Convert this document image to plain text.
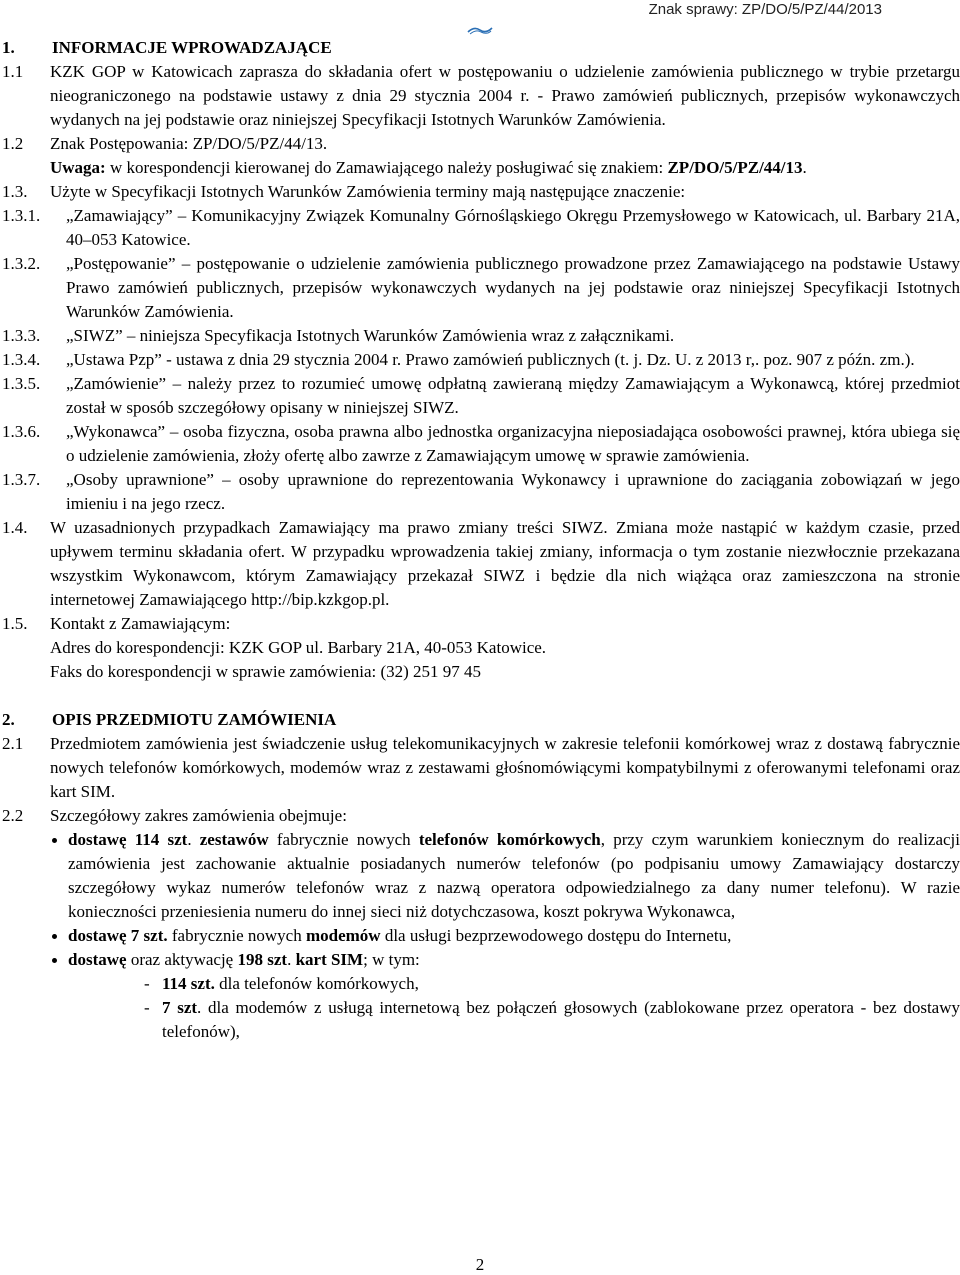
Znak sprawy: ZP/DO/5/PZ/44/2013
1. INFORMACJE WPROWADZAJĄCE
1.1	KZK GOP w Katowicach zaprasza do składania ofert w postępowaniu o udzielenie zamówienia publicznego w trybie przetargu nieograniczonego na podstawie ustawy z dnia 29 stycznia 2004 r. - Prawo zamówień publicznych, przepisów wykonawczych wydanych na jej podstawie oraz niniejszej Specyfikacji Istotnych Warunków Zamówienia.
1.2	Znak Postępowania: ZP/DO/5/PZ/44/13.
Uwaga: w korespondencji kierowanej do Zamawiającego należy posługiwać się znakiem: ZP/DO/5/PZ/44/13.
1.3.	Użyte w Specyfikacji Istotnych Warunków Zamówienia terminy mają następujące znaczenie:
1.3.1.	„Zamawiający” – Komunikacyjny Związek Komunalny Górnośląskiego Okręgu Przemysłowego w Katowicach, ul. Barbary 21A, 40–053 Katowice.
1.3.2.	„Postępowanie” – postępowanie o udzielenie zamówienia publicznego prowadzone przez Zamawiającego na podstawie Ustawy Prawo zamówień publicznych, przepisów wykonawczych wydanych na jej podstawie oraz niniejszej Specyfikacji Istotnych Warunków Zamówienia.
1.3.3.	„SIWZ” – niniejsza Specyfikacja Istotnych Warunków Zamówienia wraz z załącznikami.
1.3.4.	„Ustawa Pzp” - ustawa z dnia 29 stycznia 2004 r. Prawo zamówień publicznych (t. j. Dz. U. z 2013 r,. poz. 907 z późn. zm.).
1.3.5.	„Zamówienie” – należy przez to rozumieć umowę odpłatną zawieraną między Zamawiającym a Wykonawcą, której przedmiot został w sposób szczegółowy opisany w niniejszej SIWZ.
1.3.6.	„Wykonawca” – osoba fizyczna, osoba prawna albo jednostka organizacyjna nieposiadająca osobowości prawnej, która ubiega się o udzielenie zamówienia, złoży ofertę albo zawrze z Zamawiającym umowę w sprawie zamówienia.
1.3.7.	„Osoby uprawnione” – osoby uprawnione do reprezentowania Wykonawcy i uprawnione do zaciągania zobowiązań w jego imieniu i na jego rzecz.
1.4.	W uzasadnionych przypadkach Zamawiający ma prawo zmiany treści SIWZ. Zmiana może nastąpić w każdym czasie, przed upływem terminu składania ofert. W przypadku wprowadzenia takiej zmiany, informacja o tym zostanie niezwłocznie przekazana wszystkim Wykonawcom, którym Zamawiający przekazał SIWZ i będzie dla nich wiążąca oraz zamieszczona na stronie internetowej Zamawiającego http://bip.kzkgop.pl.
1.5.	Kontakt z Zamawiającym:
Adres do korespondencji: KZK GOP ul. Barbary 21A, 40-053 Katowice.
Faks do korespondencji w sprawie zamówienia: (32) 251 97 45
2. OPIS PRZEDMIOTU ZAMÓWIENIA
2.1	Przedmiotem zamówienia jest świadczenie usług telekomunikacyjnych w zakresie telefonii komórkowej wraz z dostawą fabrycznie nowych telefonów komórkowych, modemów wraz z zestawami głośnomówiącymi kompatybilnymi z oferowanymi telefonami oraz kart SIM.
2.2	Szczegółowy zakres zamówienia obejmuje:
dostawę 114 szt. zestawów fabrycznie nowych telefonów komórkowych, przy czym warunkiem koniecznym do realizacji zamówienia jest zachowanie aktualnie posiadanych numerów telefonów (po podpisaniu umowy Zamawiający dostarczy szczegółowy wykaz numerów telefonów wraz z nazwą operatora odpowiedzialnego za dany numer telefonu). W razie konieczności przeniesienia numeru do innej sieci niż dotychczasowa, koszt pokrywa Wykonawca,
dostawę 7 szt. fabrycznie nowych modemów dla usługi bezprzewodowego dostępu do Internetu,
dostawę oraz aktywację 198 szt. kart SIM; w tym:
- 114 szt. dla telefonów komórkowych,
- 7 szt. dla modemów z usługą internetową bez połączeń głosowych (zablokowane przez operatora - bez dostawy telefonów),
2
